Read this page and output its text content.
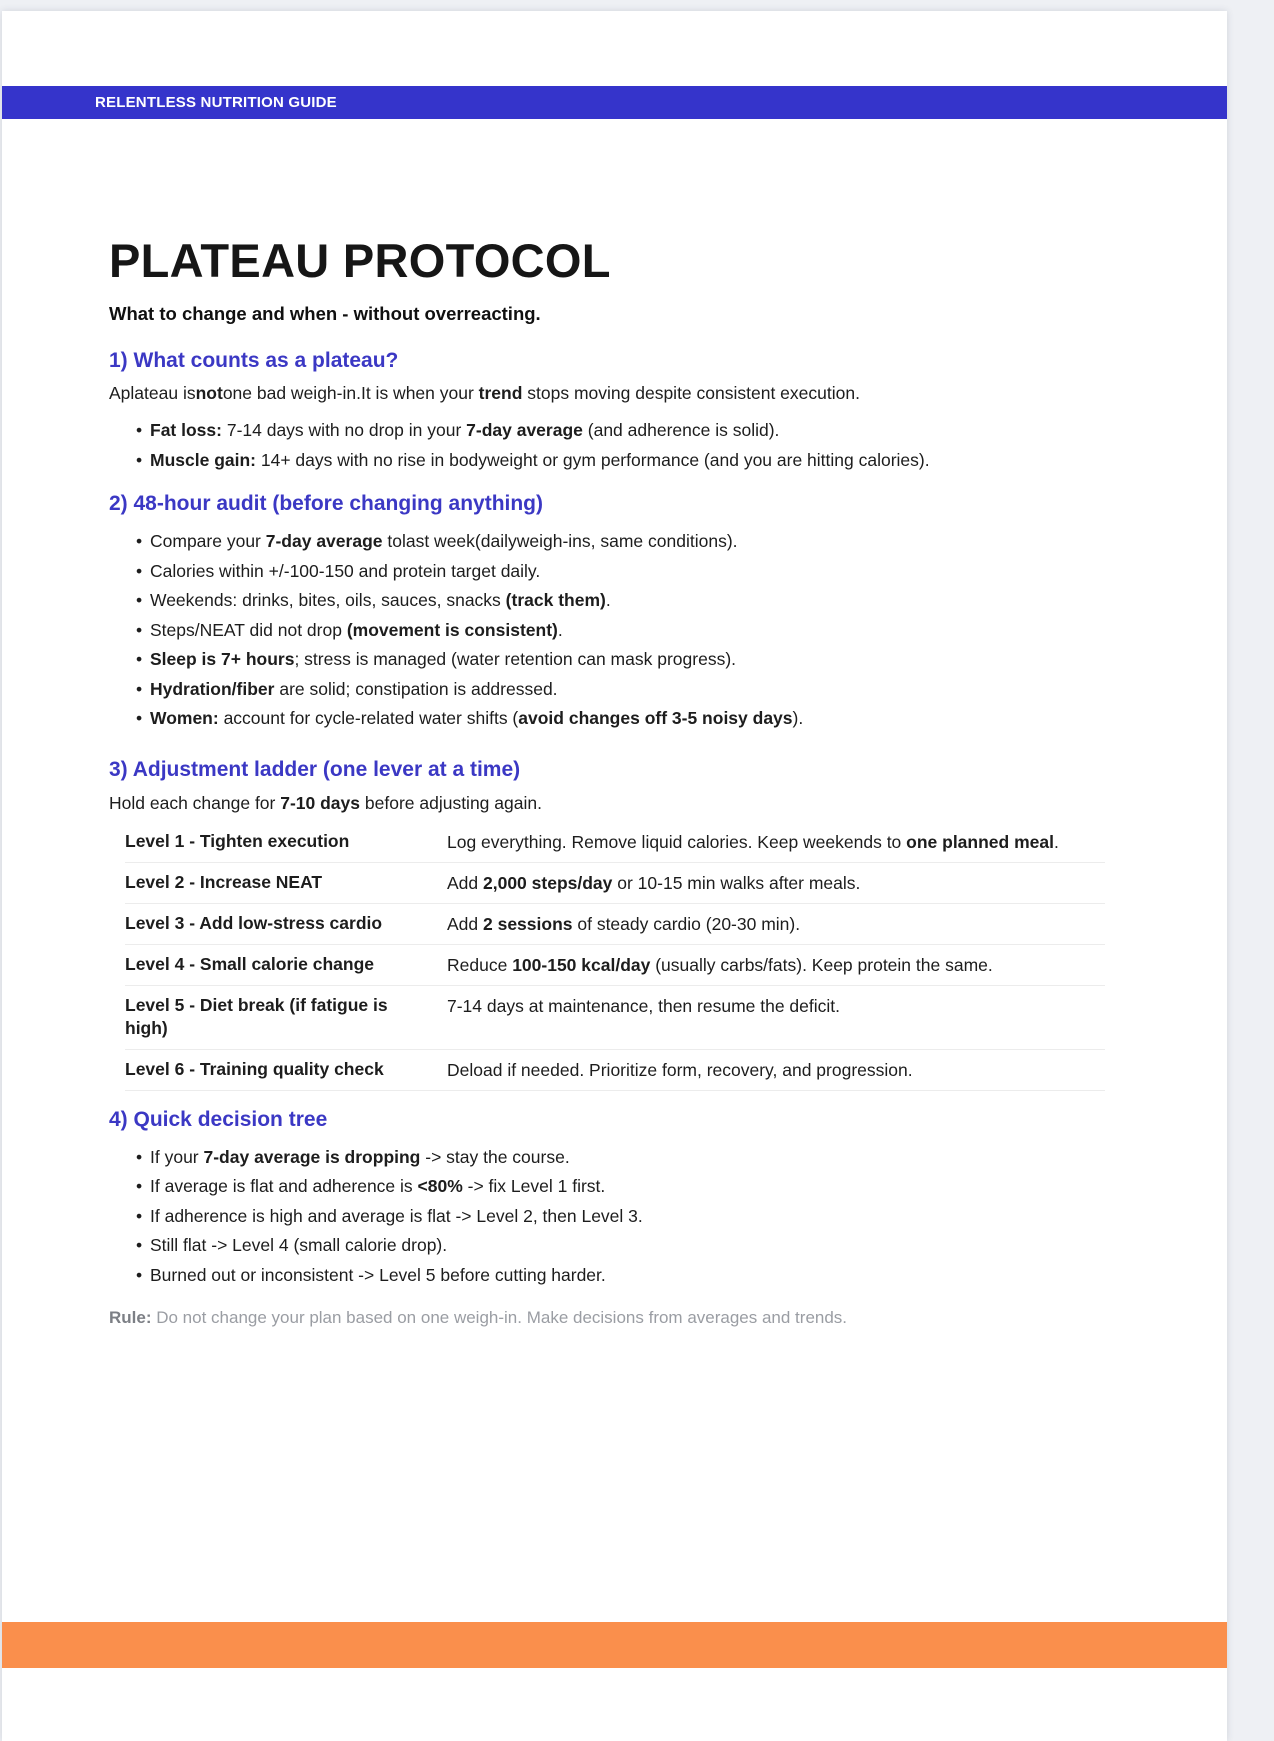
RELENTLESS NUTRITION GUIDE
PLATEAU PROTOCOL
What to change and when - without overreacting.
1) What counts as a plateau?

Aplateau isnotone bad weigh-in.It is when your trend stops moving despite consistent execution.

• Fat loss: 7-14 days with no drop in your 7-day average (and adherence is solid).
• Muscle gain: 14+ days with no rise in bodyweight or gym performance (and you are hitting calories).
2) 48-hour audit (before changing anything)
• Compare your 7-day average tolast week(dailyweigh-ins, same conditions).
• Calories within +/-100-150 and protein target daily.
• Weekends: drinks, bites, oils, sauces, snacks (track them).
• Steps/NEAT did not drop (movement is consistent).
• Sleep is 7+ hours; stress is managed (water retention can mask progress).
• Hydration/fiber are solid; constipation is addressed.
• Women: account for cycle-related water shifts (avoid changes off 3-5 noisy days).
3) Adjustment ladder (one lever at a time)

Hold each change for 7-10 days before adjusting again.

Level 1 - Tighten execution	Log everything. Remove liquid calories. Keep weekends to one planned meal.
Level 2 - Increase NEAT	Add 2,000 steps/day or 10-15 min walks after meals.
Level 3 - Add low-stress cardio	Add 2 sessions of steady cardio (20-30 min).
Level 4 - Small calorie change	Reduce 100-150 kcal/day (usually carbs/fats). Keep protein the same.
Level 5 - Diet break (if fatigue is high)	7-14 days at maintenance, then resume the deficit.
Level 6 - Training quality check	Deload if needed. Prioritize form, recovery, and progression.
4) Quick decision tree
• If your 7-day average is dropping -> stay the course.
• If average is flat and adherence is <80% -> fix Level 1 first.
• If adherence is high and average is flat -> Level 2, then Level 3.
• Still flat -> Level 4 (small calorie drop).
• Burned out or inconsistent -> Level 5 before cutting harder.

Rule: Do not change your plan based on one weigh-in. Make decisions from averages and trends.
